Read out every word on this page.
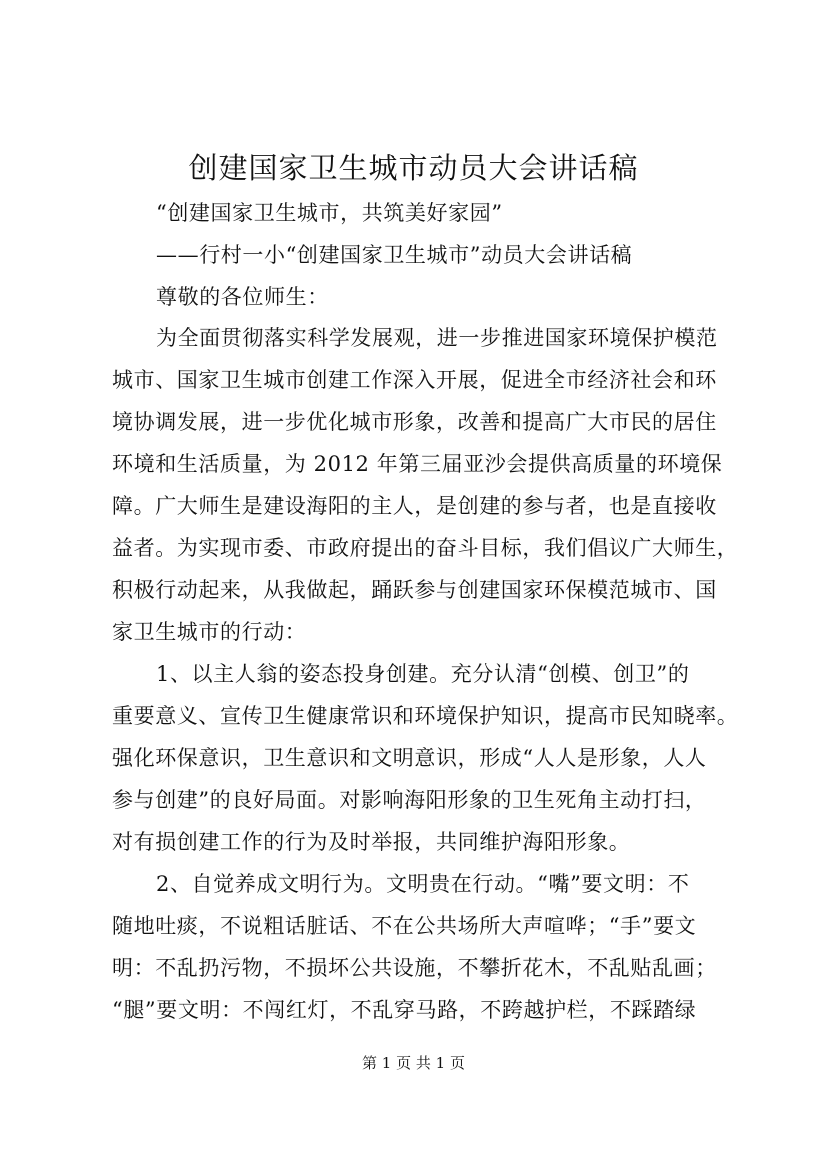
创建国家卫生城市动员大会讲话稿

“创建国家卫生城市，共筑美好家园”

——行村一小“创建国家卫生城市”动员大会讲话稿

尊敬的各位师生：

为全面贯彻落实科学发展观，进一步推进国家环境保护模范

城市、国家卫生城市创建工作深入开展，促进全市经济社会和环

境协调发展，进一步优化城市形象，改善和提高广大市民的居住

环境和生活质量，为 2012 年第三届亚沙会提供高质量的环境保

障。广大师生是建设海阳的主人，是创建的参与者，也是直接收

益者。为实现市委、市政府提出的奋斗目标，我们倡议广大师生，

积极行动起来，从我做起，踊跃参与创建国家环保模范城市、国

家卫生城市的行动：

1、以主人翁的姿态投身创建。充分认清“创模、创卫”的

重要意义、宣传卫生健康常识和环境保护知识，提高市民知晓率。

强化环保意识，卫生意识和文明意识，形成“人人是形象，人人

参与创建”的良好局面。对影响海阳形象的卫生死角主动打扫，

对有损创建工作的行为及时举报，共同维护海阳形象。

2、自觉养成文明行为。文明贵在行动。“嘴”要文明：不

随地吐痰，不说粗话脏话、不在公共场所大声喧哗；“手”要文

明：不乱扔污物，不损坏公共设施，不攀折花木，不乱贴乱画；

“腿”要文明：不闯红灯，不乱穿马路，不跨越护栏，不踩踏绿

第 1 页 共 1 页
